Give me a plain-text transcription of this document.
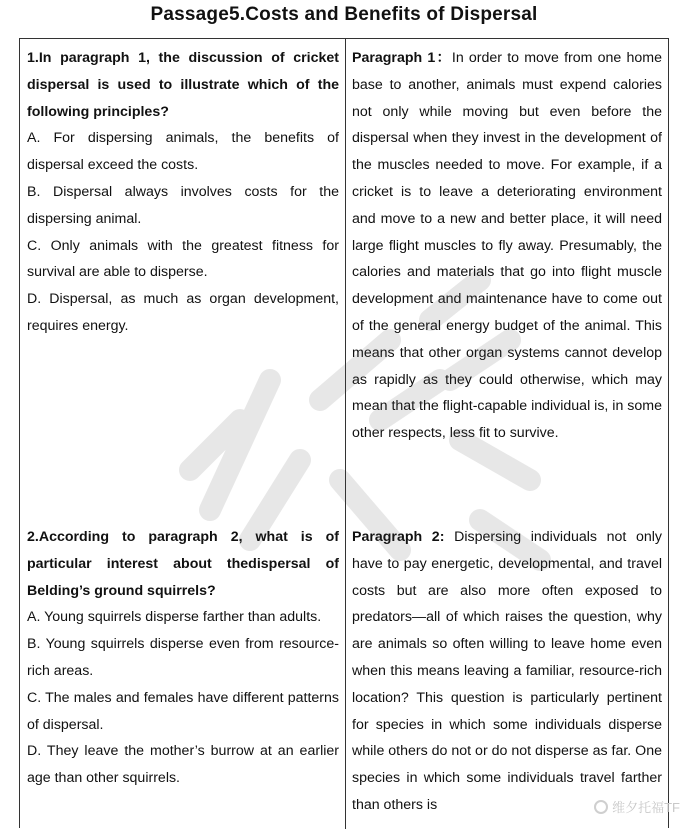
Passage5.Costs and Benefits of Dispersal

1.In paragraph 1, the discussion of cricket dispersal is used to illustrate which of the following principles?

A. For dispersing animals, the benefits of dispersal exceed the costs.

B. Dispersal always involves costs for the dispersing animal.

C. Only animals with the greatest fitness for survival are able to disperse.

D. Dispersal, as much as organ development, requires energy.

Paragraph 1：In order to move from one home base to another, animals must expend calories not only while moving but even before the dispersal when they invest in the development of the muscles needed to move. For example, if a cricket is to leave a deteriorating environment and move to a new and better place, it will need large flight muscles to fly away. Presumably, the calories and materials that go into flight muscle development and maintenance have to come out of the general energy budget of the animal. This means that other organ systems cannot develop as rapidly as they could otherwise, which may mean that the flight-capable individual is, in some other respects, less fit to survive.

2.According to paragraph 2, what is of particular interest about thedispersal of Belding’s ground squirrels?

A. Young squirrels disperse farther than adults.

B. Young squirrels disperse even from resource-rich areas.

C. The males and females have different patterns of dispersal.

D. They leave the mother’s burrow at an earlier age than other squirrels.

Paragraph 2: Dispersing individuals not only have to pay energetic, developmental, and travel costs but are also more often exposed to predators—all of which raises the question, why are animals so often willing to leave home even when this means leaving a familiar, resource-rich location? This question is particularly pertinent for species in which some individuals disperse while others do not or do not disperse as far. One species in which some individuals travel farther than others is	维夕托福TF
